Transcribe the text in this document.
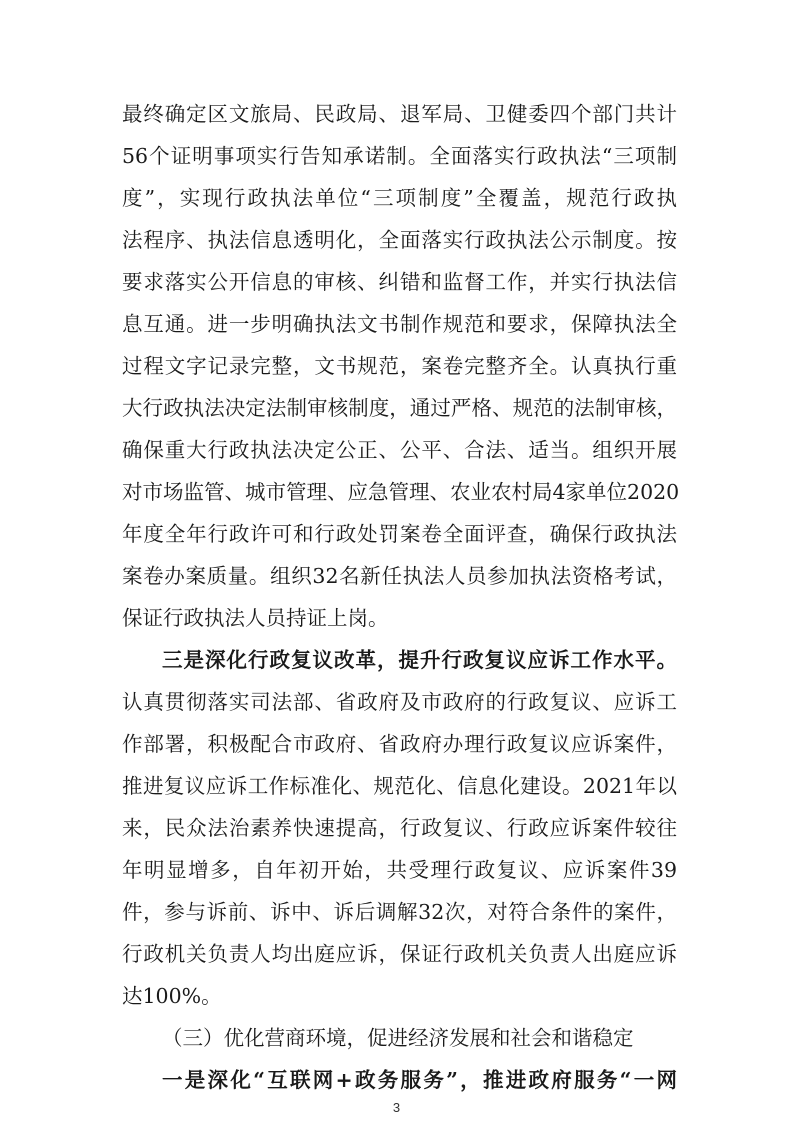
最终确定区文旅局、民政局、退军局、卫健委四个部门共计
56个证明事项实行告知承诺制。全面落实行政执法“三项制
度”，实现行政执法单位“三项制度”全覆盖，规范行政执
法程序、执法信息透明化，全面落实行政执法公示制度。按
要求落实公开信息的审核、纠错和监督工作，并实行执法信
息互通。进一步明确执法文书制作规范和要求，保障执法全
过程文字记录完整，文书规范，案卷完整齐全。认真执行重
大行政执法决定法制审核制度，通过严格、规范的法制审核，
确保重大行政执法决定公正、公平、合法、适当。组织开展
对市场监管、城市管理、应急管理、农业农村局4家单位2020
年度全年行政许可和行政处罚案卷全面评查，确保行政执法
案卷办案质量。组织32名新任执法人员参加执法资格考试，
保证行政执法人员持证上岗。
三是深化行政复议改革，提升行政复议应诉工作水平。
认真贯彻落实司法部、省政府及市政府的行政复议、应诉工
作部署，积极配合市政府、省政府办理行政复议应诉案件，
推进复议应诉工作标准化、规范化、信息化建设。2021年以
来，民众法治素养快速提高，行政复议、行政应诉案件较往
年明显增多，自年初开始，共受理行政复议、应诉案件39
件，参与诉前、诉中、诉后调解32次，对符合条件的案件，
行政机关负责人均出庭应诉，保证行政机关负责人出庭应诉
达100%。
（三）优化营商环境，促进经济发展和社会和谐稳定
一是深化“互联网+政务服务”，推进政府服务“一网
3
